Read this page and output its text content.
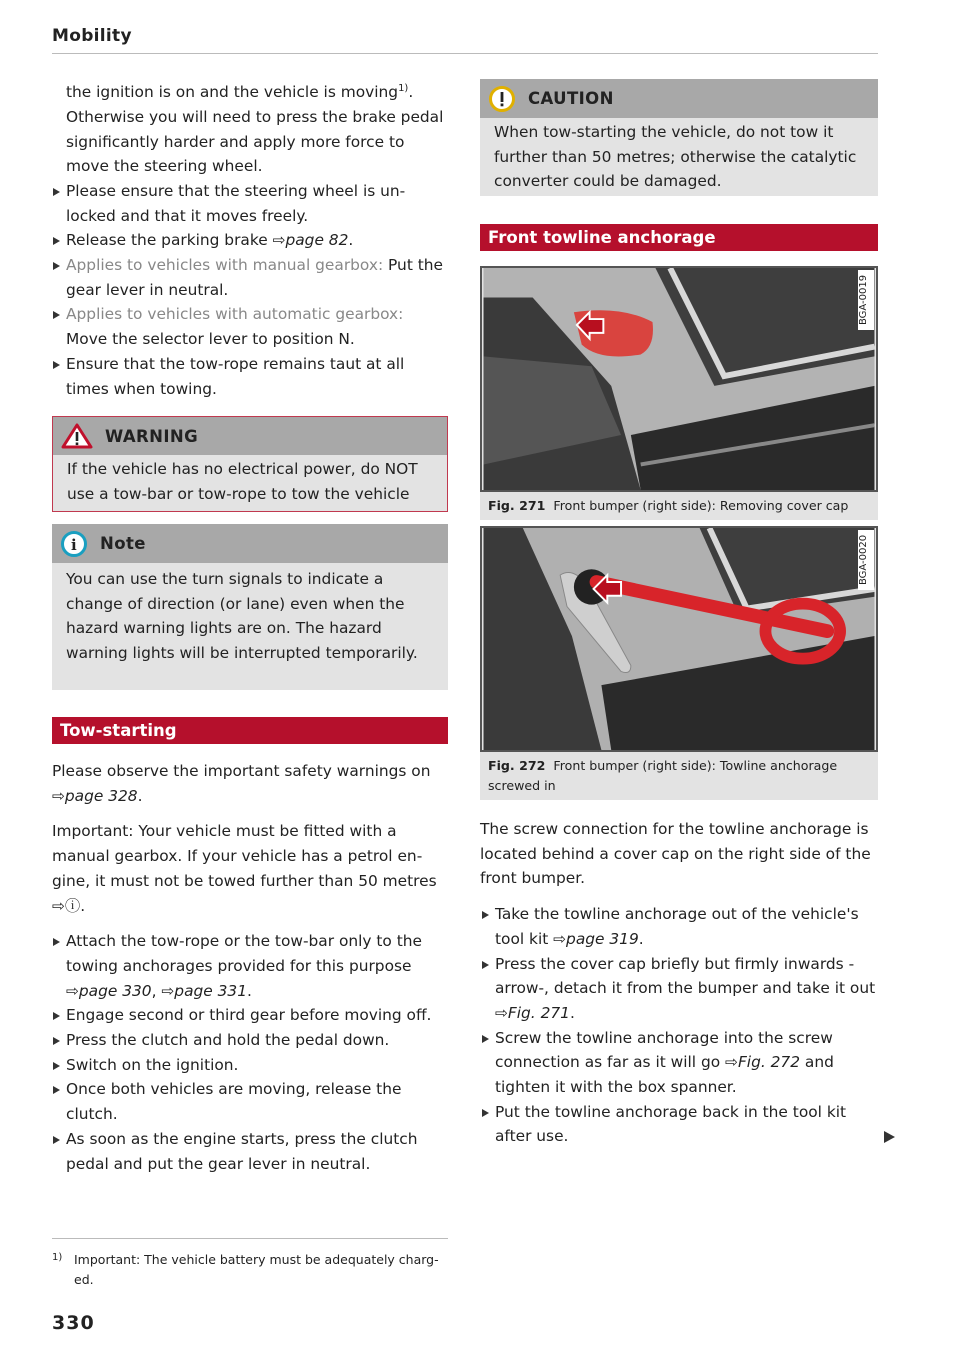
Mobility

the ignition is on and the vehicle is moving$^{1)}$.

Otherwise you will need to press the brake pedal significantly harder and apply more force to move the steering wheel.

Please ensure that the steering wheel is unlocked and that it moves freely.

Release the parking brake ⇨page 82.

Applies to vehicles with manual gearbox: Put the gear lever in neutral.

Applies to vehicles with automatic gearbox: Move the selector lever to position N.

Ensure that the tow-rope remains taut at all times when towing.

WARNING
If the vehicle has no electrical power, do NOT use a tow-bar or tow-rope to tow the vehicle
i Note
You can use the turn signals to indicate a change of direction (or lane) even when the hazard warning lights are on. The hazard warning lights will be interrupted temporarily.
Tow-starting

Please observe the important safety warnings on ⇨page 328.

Important: Your vehicle must be fitted with a manual gearbox. If your vehicle has a petrol engine, it must not be towed further than 50 metres ⇨ⓘ.

Attach the tow-rope or the tow-bar only to the towing anchorages provided for this purpose ⇨page 330, ⇨page 331.

Engage second or third gear before moving off.

Press the clutch and hold the pedal down.

Switch on the ignition.

Once both vehicles are moving, release the clutch.

As soon as the engine starts, press the clutch pedal and put the gear lever in neutral.

1) Important: The vehicle battery must be adequately charged.
330
CAUTION
When tow-starting the vehicle, do not tow it further than 50 metres; otherwise the catalytic converter could be damaged.
Front towline anchorage
BGA-0019
Fig. 271 Front bumper (right side): Removing cover cap
BGA-0020
Fig. 272 Front bumper (right side): Towline anchorage screwed in

The screw connection for the towline anchorage is located behind a cover cap on the right side of the front bumper.

Take the towline anchorage out of the vehicle's tool kit ⇨page 319.

Press the cover cap briefly but firmly inwards -arrow-, detach it from the bumper and take it out ⇨Fig. 271.

Screw the towline anchorage into the screw connection as far as it will go ⇨Fig. 272 and tighten it with the box spanner.

Put the towline anchorage back in the tool kit after use.
